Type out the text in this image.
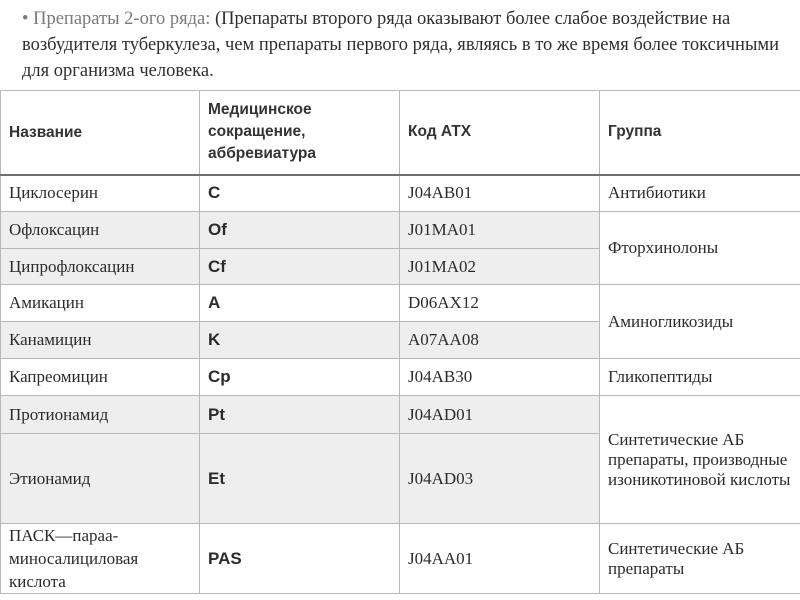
• Препараты 2-ого ряда: (Препараты второго ряда оказывают более слабое воздействие на возбудителя туберкулеза, чем препараты первого ряда, являясь в то же время более токсичными для организма человека.
Название	Медицинское сокращение, аббревиатура	Код АТХ	Группа
Циклосерин	C	J04AB01	Антибиотики
Офлоксацин	Of	J01MA01	Фторхинолоны
Ципрофлоксацин	Cf	J01MA02	
Амикацин	A	D06AX12	Аминогликозиды
Канамицин	K	A07AA08	
Капреомицин	Cp	J04AB30	Гликопептиды
Протионамид	Pt	J04AD01	Синтетические АБ препараты, производные изоникотиновой кислоты
Этионамид	Et	J04AD03	
ПАСК—парааминосалициловая кислота	PAS	J04AA01	Синтетические АБ препараты
